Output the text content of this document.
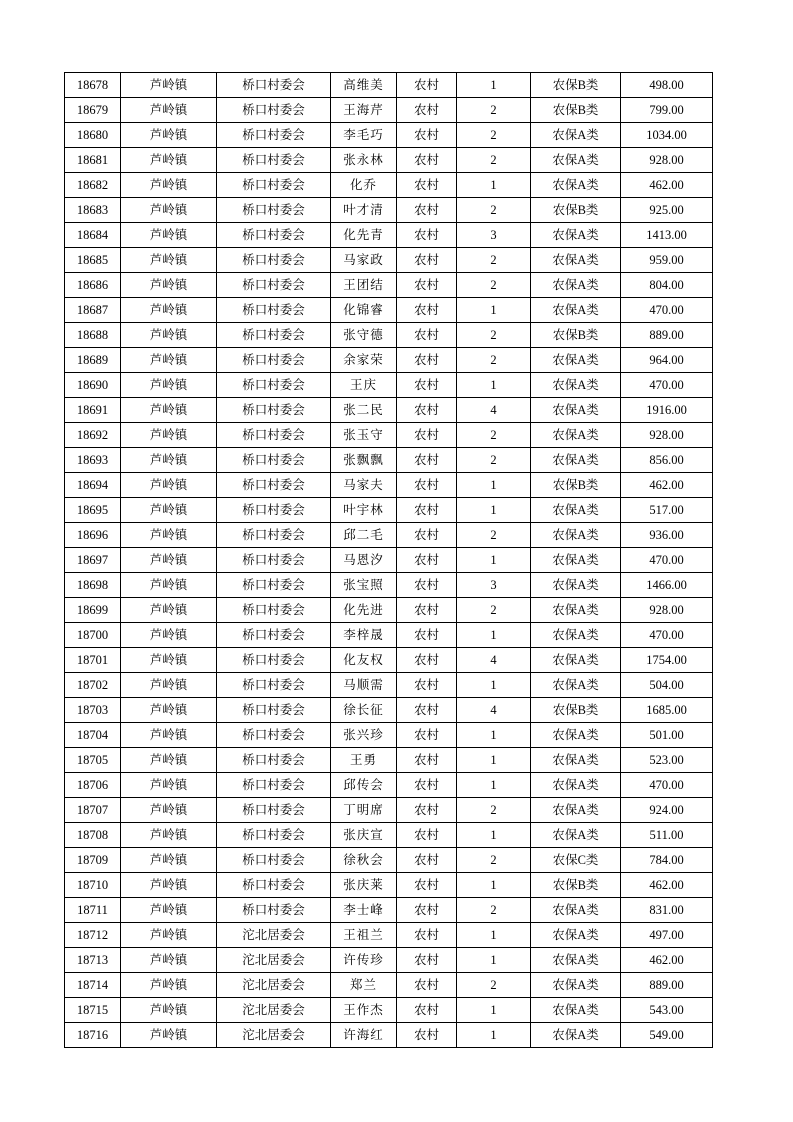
18678	芦岭镇	桥口村委会	高维美	农村	1	农保B类	498.00
18679	芦岭镇	桥口村委会	王海芹	农村	2	农保B类	799.00
18680	芦岭镇	桥口村委会	李毛巧	农村	2	农保A类	1034.00
18681	芦岭镇	桥口村委会	张永林	农村	2	农保A类	928.00
18682	芦岭镇	桥口村委会	化乔	农村	1	农保A类	462.00
18683	芦岭镇	桥口村委会	叶才清	农村	2	农保B类	925.00
18684	芦岭镇	桥口村委会	化先青	农村	3	农保A类	1413.00
18685	芦岭镇	桥口村委会	马家政	农村	2	农保A类	959.00
18686	芦岭镇	桥口村委会	王团结	农村	2	农保A类	804.00
18687	芦岭镇	桥口村委会	化锦睿	农村	1	农保A类	470.00
18688	芦岭镇	桥口村委会	张守德	农村	2	农保B类	889.00
18689	芦岭镇	桥口村委会	余家荣	农村	2	农保A类	964.00
18690	芦岭镇	桥口村委会	王庆	农村	1	农保A类	470.00
18691	芦岭镇	桥口村委会	张二民	农村	4	农保A类	1916.00
18692	芦岭镇	桥口村委会	张玉守	农村	2	农保A类	928.00
18693	芦岭镇	桥口村委会	张飘飘	农村	2	农保A类	856.00
18694	芦岭镇	桥口村委会	马家夫	农村	1	农保B类	462.00
18695	芦岭镇	桥口村委会	叶宇林	农村	1	农保A类	517.00
18696	芦岭镇	桥口村委会	邱二毛	农村	2	农保A类	936.00
18697	芦岭镇	桥口村委会	马恩汐	农村	1	农保A类	470.00
18698	芦岭镇	桥口村委会	张宝照	农村	3	农保A类	1466.00
18699	芦岭镇	桥口村委会	化先进	农村	2	农保A类	928.00
18700	芦岭镇	桥口村委会	李梓晟	农村	1	农保A类	470.00
18701	芦岭镇	桥口村委会	化友权	农村	4	农保A类	1754.00
18702	芦岭镇	桥口村委会	马顺需	农村	1	农保A类	504.00
18703	芦岭镇	桥口村委会	徐长征	农村	4	农保B类	1685.00
18704	芦岭镇	桥口村委会	张兴珍	农村	1	农保A类	501.00
18705	芦岭镇	桥口村委会	王勇	农村	1	农保A类	523.00
18706	芦岭镇	桥口村委会	邱传会	农村	1	农保A类	470.00
18707	芦岭镇	桥口村委会	丁明席	农村	2	农保A类	924.00
18708	芦岭镇	桥口村委会	张庆宣	农村	1	农保A类	511.00
18709	芦岭镇	桥口村委会	徐秋会	农村	2	农保C类	784.00
18710	芦岭镇	桥口村委会	张庆莱	农村	1	农保B类	462.00
18711	芦岭镇	桥口村委会	李士峰	农村	2	农保A类	831.00
18712	芦岭镇	沱北居委会	王祖兰	农村	1	农保A类	497.00
18713	芦岭镇	沱北居委会	许传珍	农村	1	农保A类	462.00
18714	芦岭镇	沱北居委会	郑兰	农村	2	农保A类	889.00
18715	芦岭镇	沱北居委会	王作杰	农村	1	农保A类	543.00
18716	芦岭镇	沱北居委会	许海红	农村	1	农保A类	549.00
